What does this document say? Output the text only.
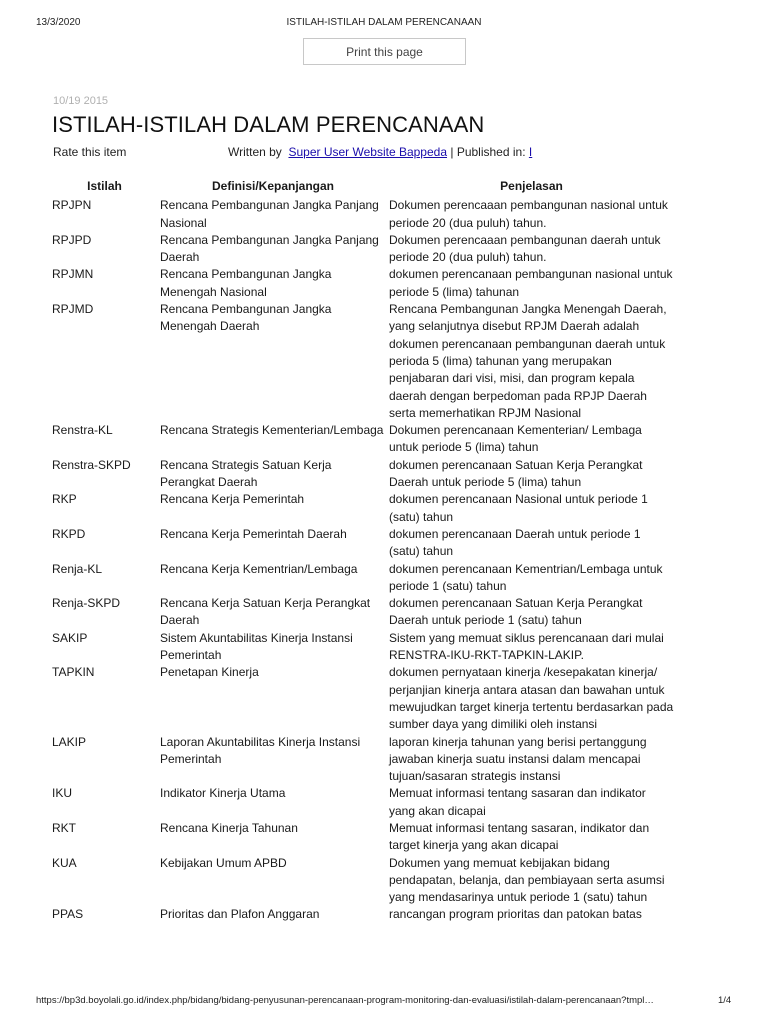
13/3/2020	ISTILAH-ISTILAH DALAM PERENCANAAN
Print this page
10/19 2015
ISTILAH-ISTILAH DALAM PERENCANAAN
Rate this item	Written by Super User Website Bappeda | Published in: I
Istilah	Definisi/Kepanjangan	Penjelasan
RPJPN	Rencana Pembangunan Jangka Panjang Nasional	Dokumen perencaaan pembangunan nasional untuk periode 20 (dua puluh) tahun.
RPJPD	Rencana Pembangunan Jangka Panjang Daerah	Dokumen perencaaan pembangunan daerah untuk periode 20 (dua puluh) tahun.
RPJMN	Rencana Pembangunan Jangka Menengah Nasional	dokumen perencanaan pembangunan nasional untuk periode 5 (lima) tahunan
RPJMD	Rencana Pembangunan Jangka Menengah Daerah	Rencana Pembangunan Jangka Menengah Daerah, yang selanjutnya disebut RPJM Daerah adalah dokumen perencanaan pembangunan daerah untuk perioda 5 (lima) tahunan yang merupakan penjabaran dari visi, misi, dan program kepala daerah dengan berpedoman pada RPJP Daerah serta memerhatikan RPJM Nasional
Renstra-KL	Rencana Strategis Kementerian/Lembaga	Dokumen perencanaan Kementerian/ Lembaga untuk periode 5 (lima) tahun
Renstra-SKPD	Rencana Strategis Satuan Kerja Perangkat Daerah	dokumen perencanaan Satuan Kerja Perangkat Daerah untuk periode 5 (lima) tahun
RKP	Rencana Kerja Pemerintah	dokumen perencanaan Nasional untuk periode 1 (satu) tahun
RKPD	Rencana Kerja Pemerintah Daerah	dokumen perencanaan Daerah untuk periode 1 (satu) tahun
Renja-KL	Rencana Kerja Kementrian/Lembaga	dokumen perencanaan Kementrian/Lembaga untuk periode 1 (satu) tahun
Renja-SKPD	Rencana Kerja Satuan Kerja Perangkat Daerah	dokumen perencanaan Satuan Kerja Perangkat Daerah untuk periode 1 (satu) tahun
SAKIP	Sistem Akuntabilitas Kinerja Instansi Pemerintah	Sistem yang memuat siklus perencanaan dari mulai RENSTRA-IKU-RKT-TAPKIN-LAKIP.
TAPKIN	Penetapan Kinerja	dokumen pernyataan kinerja /kesepakatan kinerja/ perjanjian kinerja antara atasan dan bawahan untuk mewujudkan target kinerja tertentu berdasarkan pada sumber daya yang dimiliki oleh instansi
LAKIP	Laporan Akuntabilitas Kinerja Instansi Pemerintah	laporan kinerja tahunan yang berisi pertanggung jawaban kinerja suatu instansi dalam mencapai tujuan/sasaran strategis instansi
IKU	Indikator Kinerja Utama	Memuat informasi tentang sasaran dan indikator yang akan dicapai
RKT	Rencana Kinerja Tahunan	Memuat informasi tentang sasaran, indikator dan target kinerja yang akan dicapai
KUA	Kebijakan Umum APBD	Dokumen yang memuat kebijakan bidang pendapatan, belanja, dan pembiayaan serta asumsi yang mendasarinya untuk periode 1 (satu) tahun
PPAS	Prioritas dan Plafon Anggaran	rancangan program prioritas dan patokan batas
https://bp3d.boyolali.go.id/index.php/bidang/bidang-penyusunan-perencanaan-program-monitoring-dan-evaluasi/istilah-dalam-perencanaan?tmpl…	1/4
